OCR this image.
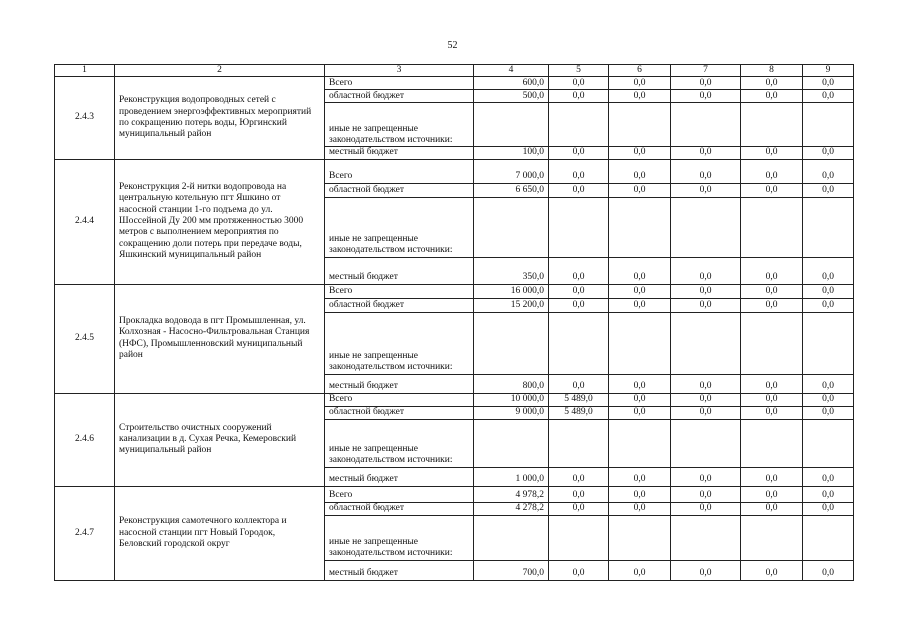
52
1	2	3	4	5	6	7	8	9
2.4.3	Реконструкция водопроводных сетей с проведением энергоэффективных мероприятий по сокращению потерь воды, Юргинский муниципальный район	Всего	600,0	0,0	0,0	0,0	0,0	0,0
		областной бюджет	500,0	0,0	0,0	0,0	0,0	0,0
		иные не запрещенные законодательством источники:						
		местный бюджет	100,0	0,0	0,0	0,0	0,0	0,0
2.4.4	Реконструкция 2-й нитки водопровода на центральную котельную пгт Яшкино от насосной станции 1-го подъема до ул. Шоссейной Ду 200 мм протяженностью 3000 метров с выполнением мероприятия по сокращению доли потерь при передаче воды, Яшкинский муниципальный район	Всего	7 000,0	0,0	0,0	0,0	0,0	0,0
		областной бюджет	6 650,0	0,0	0,0	0,0	0,0	0,0
		иные не запрещенные законодательством источники:						
		местный бюджет	350,0	0,0	0,0	0,0	0,0	0,0
2.4.5	Прокладка водовода в пгт Промышленная, ул. Колхозная - Насосно-Фильтровальная Станция (НФС), Промышленновский муниципальный район	Всего	16 000,0	0,0	0,0	0,0	0,0	0,0
		областной бюджет	15 200,0	0,0	0,0	0,0	0,0	0,0
		иные не запрещенные законодательством источники:						
		местный бюджет	800,0	0,0	0,0	0,0	0,0	0,0
2.4.6	Строительство очистных сооружений канализации в д. Сухая Речка, Кемеровский муниципальный район	Всего	10 000,0	5 489,0	0,0	0,0	0,0	0,0
		областной бюджет	9 000,0	5 489,0	0,0	0,0	0,0	0,0
		иные не запрещенные законодательством источники:						
		местный бюджет	1 000,0	0,0	0,0	0,0	0,0	0,0
2.4.7	Реконструкция самотечного коллектора и насосной станции пгт Новый Городок, Беловский городской округ	Всего	4 978,2	0,0	0,0	0,0	0,0	0,0
		областной бюджет	4 278,2	0,0	0,0	0,0	0,0	0,0
		иные не запрещенные законодательством источники:						
		местный бюджет	700,0	0,0	0,0	0,0	0,0	0,0
